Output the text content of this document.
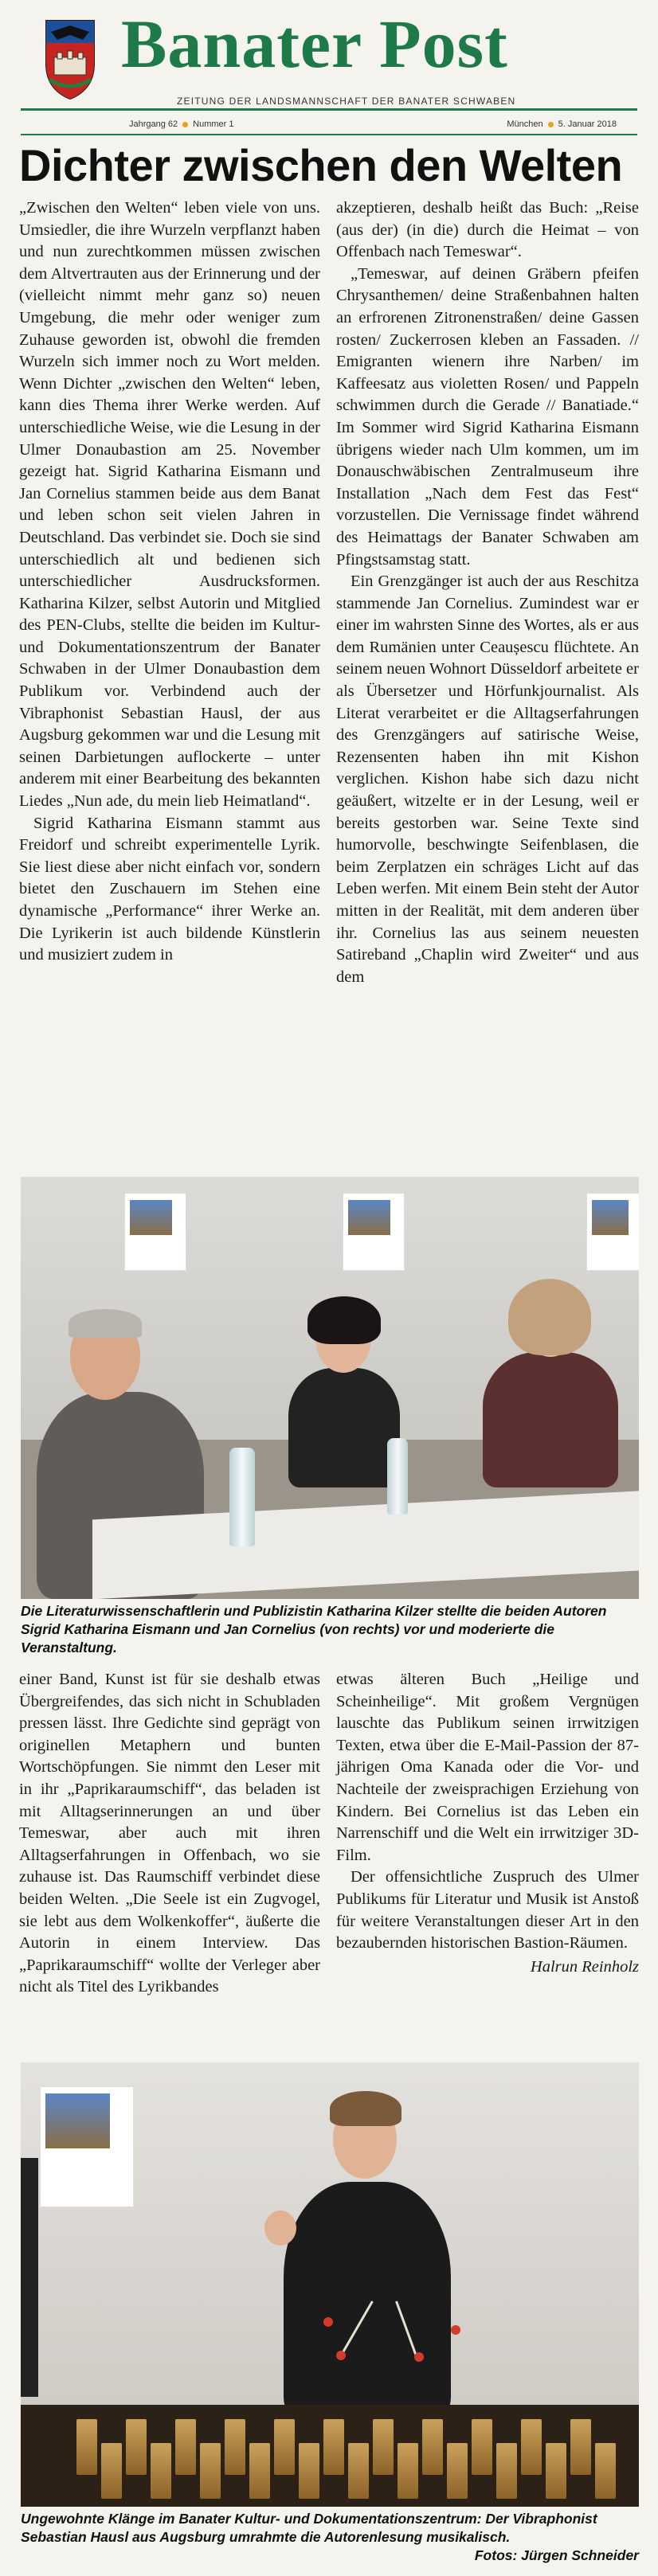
Banater Post
ZEITUNG DER LANDSMANNSCHAFT DER BANATER SCHWABEN
Jahrgang 62 Nummer 1	München 5. Januar 2018
Dichter zwischen den Welten

„Zwischen den Welten“ leben viele von uns. Umsiedler, die ihre Wurzeln verpflanzt haben und nun zurechtkommen müssen zwischen dem Altvertrauten aus der Erinnerung und der (vielleicht nimmt mehr ganz so) neuen Umgebung, die mehr oder weniger zum Zuhause geworden ist, obwohl die fremden Wurzeln sich immer noch zu Wort melden. Wenn Dichter „zwischen den Welten“ leben, kann dies Thema ihrer Werke werden. Auf unterschiedliche Weise, wie die Lesung in der Ulmer Donaubastion am 25. November gezeigt hat. Sigrid Katharina Eismann und Jan Cornelius stammen beide aus dem Banat und leben schon seit vielen Jahren in Deutschland. Das verbindet sie. Doch sie sind unterschiedlich alt und bedienen sich unterschiedlicher Ausdrucksformen. Katharina Kilzer, selbst Autorin und Mitglied des PEN-Clubs, stellte die beiden im Kultur- und Dokumentationszentrum der Banater Schwaben in der Ulmer Donaubastion dem Publikum vor. Verbindend auch der Vibraphonist Sebastian Hausl, der aus Augsburg gekommen war und die Lesung mit seinen Darbietungen auflockerte – unter anderem mit einer Bearbeitung des bekannten Liedes „Nun ade, du mein lieb Heimatland“.

Sigrid Katharina Eismann stammt aus Freidorf und schreibt experimentelle Lyrik. Sie liest diese aber nicht einfach vor, sondern bietet den Zuschauern im Stehen eine dynamische „Performance“ ihrer Werke an. Die Lyrikerin ist auch bildende Künstlerin und musiziert zudem in

akzeptieren, deshalb heißt das Buch: „Reise (aus der) (in die) durch die Heimat – von Offenbach nach Temeswar“.

„Temeswar, auf deinen Gräbern pfeifen Chrysanthemen/ deine Straßenbahnen halten an erfrorenen Zitronenstraßen/ deine Gassen rosten/ Zuckerrosen kleben an Fassaden. // Emigranten wienern ihre Narben/ im Kaffeesatz aus violetten Rosen/ und Pappeln schwimmen durch die Gerade // Banatiade.“ Im Sommer wird Sigrid Katharina Eismann übrigens wieder nach Ulm kommen, um im Donauschwäbischen Zentralmuseum ihre Installation „Nach dem Fest das Fest“ vorzustellen. Die Vernissage findet während des Heimattags der Banater Schwaben am Pfingstsamstag statt.

Ein Grenzgänger ist auch der aus Reschitza stammende Jan Cornelius. Zumindest war er einer im wahrsten Sinne des Wortes, als er aus dem Rumänien unter Ceaușescu flüchtete. An seinem neuen Wohnort Düsseldorf arbeitete er als Übersetzer und Hörfunkjournalist. Als Literat verarbeitet er die Alltagserfahrungen des Grenzgängers auf satirische Weise, Rezensenten haben ihn mit Kishon verglichen. Kishon habe sich dazu nicht geäußert, witzelte er in der Lesung, weil er bereits gestorben war. Seine Texte sind humorvolle, beschwingte Seifenblasen, die beim Zerplatzen ein schräges Licht auf das Leben werfen. Mit einem Bein steht der Autor mitten in der Realität, mit dem anderen über ihr. Cornelius las aus seinem neuesten Satireband „Chaplin wird Zweiter“ und aus dem

Die Literaturwissenschaftlerin und Publizistin Katharina Kilzer stellte die beiden Autoren Sigrid Katharina Eismann und Jan Cornelius (von rechts) vor und moderierte die Veranstaltung.

einer Band, Kunst ist für sie deshalb etwas Übergreifendes, das sich nicht in Schubladen pressen lässt. Ihre Gedichte sind geprägt von originellen Metaphern und bunten Wortschöpfungen. Sie nimmt den Leser mit in ihr „Paprikaraumschiff“, das beladen ist mit Alltagserinnerungen an und über Temeswar, aber auch mit ihren Alltagserfahrungen in Offenbach, wo sie zuhause ist. Das Raumschiff verbindet diese beiden Welten. „Die Seele ist ein Zugvogel, sie lebt aus dem Wolkenkoffer“, äußerte die Autorin in einem Interview. Das „Paprikaraumschiff“ wollte der Verleger aber nicht als Titel des Lyrikbandes

etwas älteren Buch „Heilige und Scheinheilige“. Mit großem Vergnügen lauschte das Publikum seinen irrwitzigen Texten, etwa über die E-Mail-Passion der 87-jährigen Oma Kanada oder die Vor- und Nachteile der zweisprachigen Erziehung von Kindern. Bei Cornelius ist das Leben ein Narrenschiff und die Welt ein irrwitziger 3D-Film.

Der offensichtliche Zuspruch des Ulmer Publikums für Literatur und Musik ist Anstoß für weitere Veranstaltungen dieser Art in den bezaubernden historischen Bastion-Räumen.

Halrun Reinholz
Ungewohnte Klänge im Banater Kultur- und Dokumentationszentrum: Der Vibraphonist Sebastian Hausl aus Augsburg umrahmte die Autorenlesung musikalisch.
Fotos: Jürgen Schneider
